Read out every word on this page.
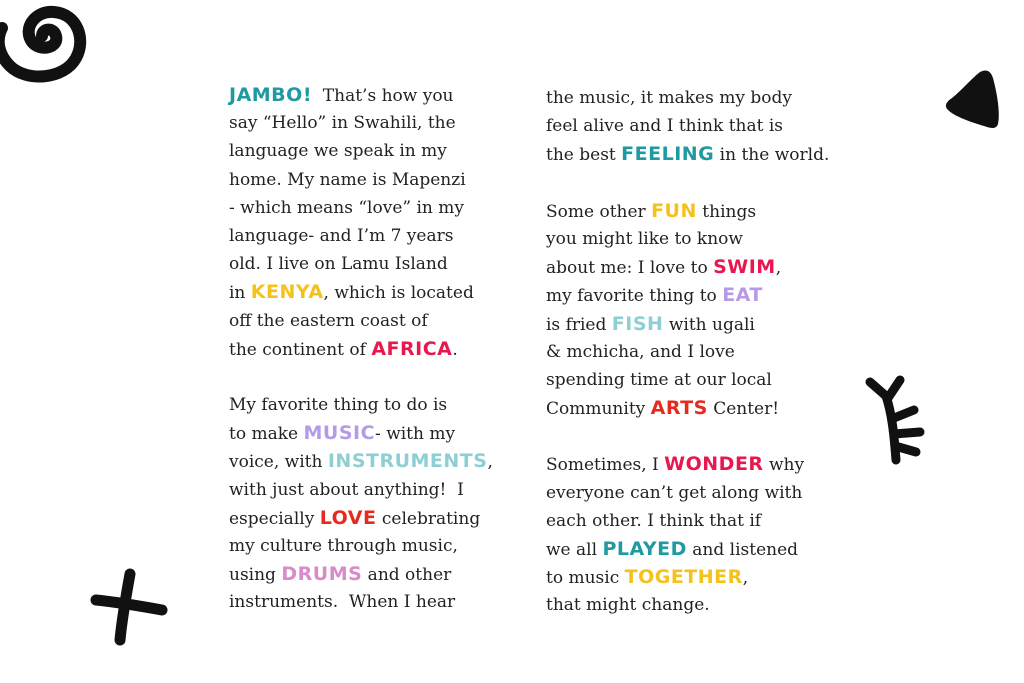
JAMBO!  That’s how you
say “Hello” in Swahili, the
language we speak in my
home. My name is Mapenzi
- which means “love” in my
language- and I’m 7 years
old. I live on Lamu Island
in KENYA, which is located
off the eastern coast of
the continent of AFRICA.
My favorite thing to do is
to make MUSIC- with my
voice, with INSTRUMENTS,
with just about anything!  I
especially LOVE celebrating
my culture through music,
using DRUMS and other
instruments.  When I hear
the music, it makes my body
feel alive and I think that is
the best FEELING in the world.
Some other FUN things
you might like to know
about me: I love to SWIM,
my favorite thing to EAT
is fried FISH with ugali
& mchicha, and I love
spending time at our local
Community ARTS Center!
Sometimes, I WONDER why
everyone can’t get along with
each other. I think that if
we all PLAYED and listened
to music TOGETHER,
that might change.
